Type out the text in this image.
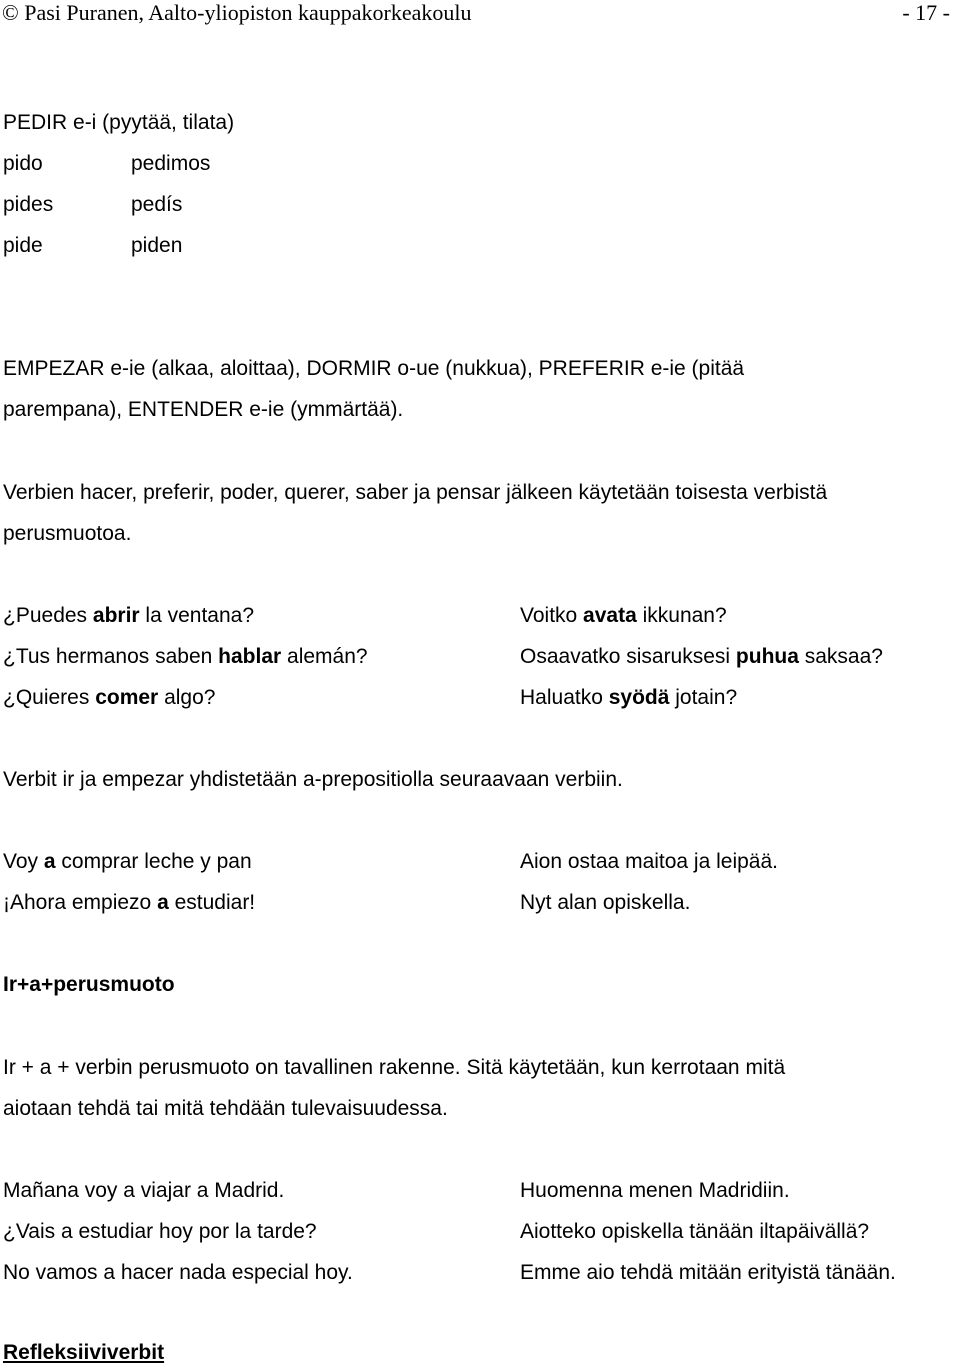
© Pasi Puranen, Aalto-yliopiston kauppakorkeakoulu	- 17 -
PEDIR e-i (pyytää, tilata)
pido	pedimos
pides	pedís
pide	piden
EMPEZAR e-ie (alkaa, aloittaa), DORMIR o-ue (nukkua), PREFERIR e-ie (pitää
parempana), ENTENDER e-ie (ymmärtää).
Verbien hacer, preferir, poder, querer, saber ja pensar jälkeen käytetään toisesta verbistä
perusmuotoa.
¿Puedes abrir la ventana?	Voitko avata ikkunan?
¿Tus hermanos saben hablar alemán?	Osaavatko sisaruksesi puhua saksaa?
¿Quieres comer algo?	Haluatko syödä jotain?
Verbit ir ja empezar yhdistetään a-prepositiolla seuraavaan verbiin.
Voy a comprar leche y pan	Aion ostaa maitoa ja leipää.
¡Ahora empiezo a estudiar!	Nyt alan opiskella.
Ir+a+perusmuoto
Ir + a + verbin perusmuoto on tavallinen rakenne. Sitä käytetään, kun kerrotaan mitä
aiotaan tehdä tai mitä tehdään tulevaisuudessa.
Mañana voy a viajar a Madrid.	Huomenna menen Madridiin.
¿Vais a estudiar hoy por la tarde?	Aiotteko opiskella tänään iltapäivällä?
No vamos a hacer nada especial hoy.	Emme aio tehdä mitään erityistä tänään.
Refleksiiviverbit
